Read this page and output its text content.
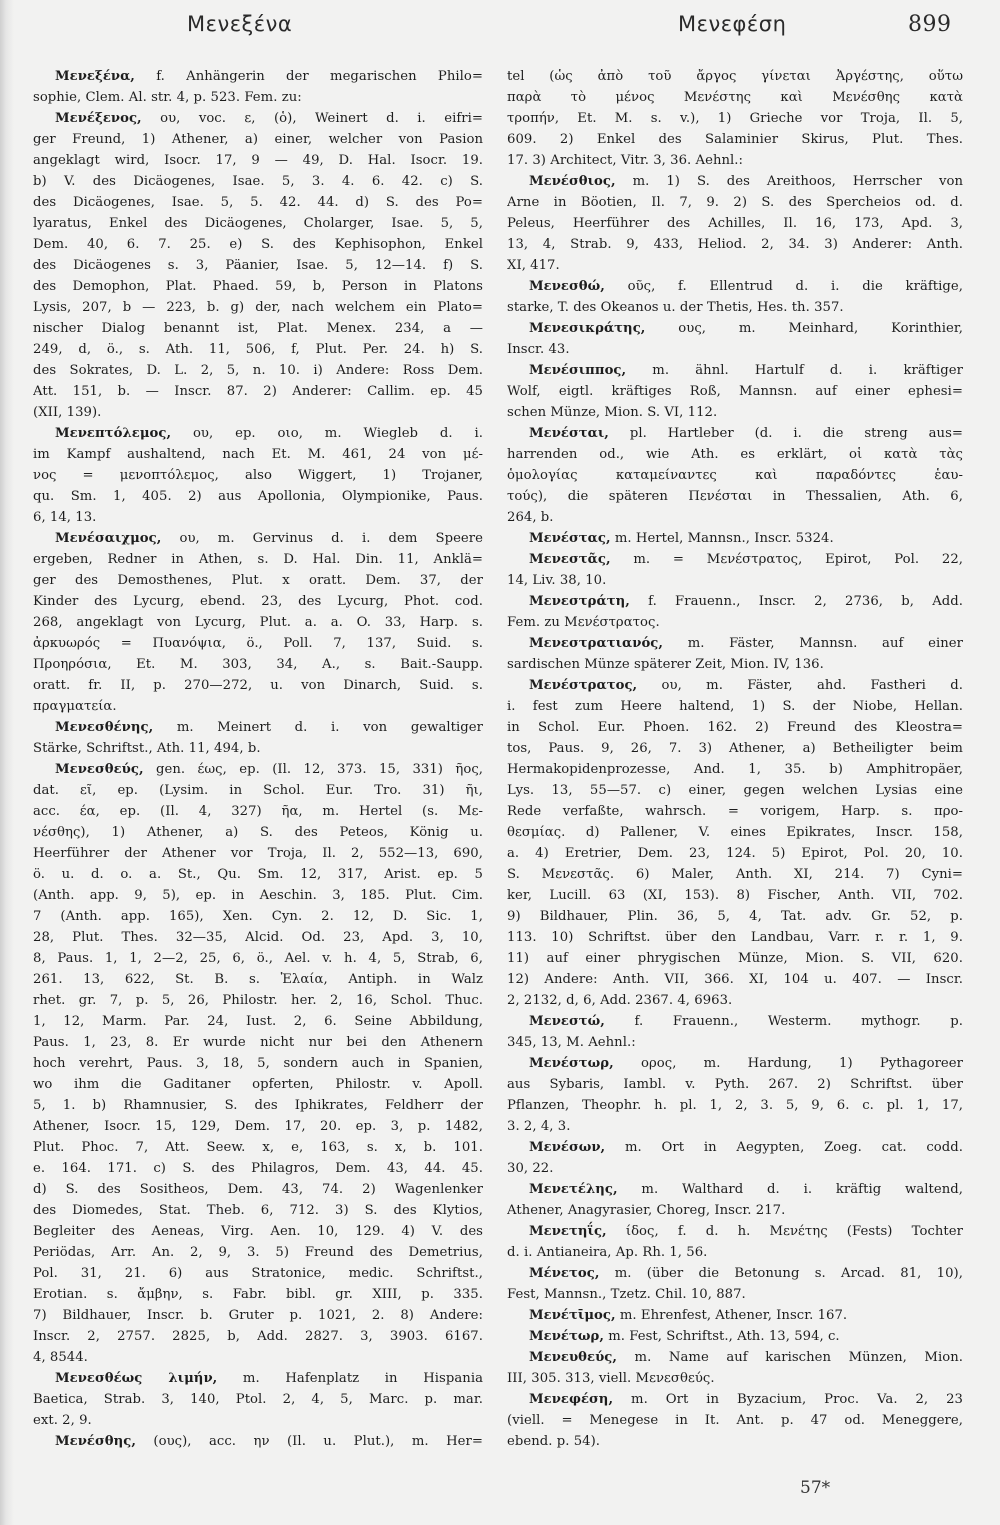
Μενεξένα	Μενεφέση	899
Μενεξένα, f. Anhängerin der megarischen Philo=
sophie, Clem. Al. str. 4, p. 523. Fem. zu:
Μενέξενος, ου, voc. ε, (ὁ), Weinert d. i. eifri=
ger Freund, 1) Athener, a) einer, welcher von Pasion
angeklagt wird, Isocr. 17, 9 — 49, D. Hal. Isocr. 19.
b) V. des Dicäogenes, Isae. 5, 3. 4. 6. 42. c) S.
des Dicäogenes, Isae. 5, 5. 42. 44. d) S. des Po=
lyaratus, Enkel des Dicäogenes, Cholarger, Isae. 5, 5,
Dem. 40, 6. 7. 25. e) S. des Kephisophon, Enkel
des Dicäogenes s. 3, Päanier, Isae. 5, 12—14. f) S.
des Demophon, Plat. Phaed. 59, b, Person in Platons
Lysis, 207, b — 223, b. g) der, nach welchem ein Plato=
nischer Dialog benannt ist, Plat. Menex. 234, a —
249, d, ö., s. Ath. 11, 506, f, Plut. Per. 24. h) S.
des Sokrates, D. L. 2, 5, n. 10. i) Andere: Ross Dem.
Att. 151, b. — Inscr. 87. 2) Anderer: Callim. ep. 45
(XII, 139).
Μενεπτόλεμος, ου, ep. οιο, m. Wiegleb d. i.
im Kampf aushaltend, nach Et. M. 461, 24 von μέ-
νος = μενοπτόλεμος, also Wiggert, 1) Trojaner,
qu. Sm. 1, 405. 2) aus Apollonia, Olympionike, Paus.
6, 14, 13.
Μενέσαιχμος, ου, m. Gervinus d. i. dem Speere
ergeben, Redner in Athen, s. D. Hal. Din. 11, Anklä=
ger des Demosthenes, Plut. x oratt. Dem. 37, der
Kinder des Lycurg, ebend. 23, des Lycurg, Phot. cod.
268, angeklagt von Lycurg, Plut. a. a. O. 33, Harp. s.
ἀρκυωρός = Πυανόψια, ö., Poll. 7, 137, Suid. s.
Προηρόσια, Et. M. 303, 34, A., s. Bait.-Saupp.
oratt. fr. II, p. 270—272, u. von Dinarch, Suid. s.
πραγματεία.
Μενεσθένης, m. Meinert d. i. von gewaltiger
Stärke, Schriftst., Ath. 11, 494, b.
Μενεσθεύς, gen. έως, ep. (Il. 12, 373. 15, 331) ῆος,
dat. εῖ, ep. (Lysim. in Schol. Eur. Tro. 31) ῆι,
acc. έα, ep. (Il. 4, 327) ῆα, m. Hertel (s. Με-
νέσθης), 1) Athener, a) S. des Peteos, König u.
Heerführer der Athener vor Troja, Il. 2, 552—13, 690,
ö. u. d. o. a. St., Qu. Sm. 12, 317, Arist. ep. 5
(Anth. app. 9, 5), ep. in Aeschin. 3, 185. Plut. Cim.
7 (Anth. app. 165), Xen. Cyn. 2. 12, D. Sic. 1,
28, Plut. Thes. 32—35, Alcid. Od. 23, Apd. 3, 10,
8, Paus. 1, 1, 2—2, 25, 6, ö., Ael. v. h. 4, 5, Strab, 6,
261. 13, 622, St. B. s. Ἐλαία, Antiph. in Walz
rhet. gr. 7, p. 5, 26, Philostr. her. 2, 16, Schol. Thuc.
1, 12, Marm. Par. 24, Iust. 2, 6. Seine Abbildung,
Paus. 1, 23, 8. Er wurde nicht nur bei den Athenern
hoch verehrt, Paus. 3, 18, 5, sondern auch in Spanien,
wo ihm die Gaditaner opferten, Philostr. v. Apoll.
5, 1. b) Rhamnusier, S. des Iphikrates, Feldherr der
Athener, Isocr. 15, 129, Dem. 17, 20. ep. 3, p. 1482,
Plut. Phoc. 7, Att. Seew. x, e, 163, s. x, b. 101.
e. 164. 171. c) S. des Philagros, Dem. 43, 44. 45.
d) S. des Sositheos, Dem. 43, 74. 2) Wagenlenker
des Diomedes, Stat. Theb. 6, 712. 3) S. des Klytios,
Begleiter des Aeneas, Virg. Aen. 10, 129. 4) V. des
Periödas, Arr. An. 2, 9, 3. 5) Freund des Demetrius,
Pol. 31, 21. 6) aus Stratonice, medic. Schriftst.,
Erotian. s. ἄμβην, s. Fabr. bibl. gr. XIII, p. 335.
7) Bildhauer, Inscr. b. Gruter p. 1021, 2. 8) Andere:
Inscr. 2, 2757. 2825, b, Add. 2827. 3, 3903. 6167.
4, 8544.
Μενεσθέως λιμήν, m. Hafenplatz in Hispania
Baetica, Strab. 3, 140, Ptol. 2, 4, 5, Marc. p. mar.
ext. 2, 9.
Μενέσθης, (ους), acc. ην (Il. u. Plut.), m. Her=
tel (ὡς ἀπὸ τοῦ ἄργος γίνεται Ἀργέστης, οὕτω
παρὰ τὸ μένος Μενέστης καὶ Μενέσθης κατὰ
τροπήν, Et. M. s. v.), 1) Grieche vor Troja, Il. 5,
609. 2) Enkel des Salaminier Skirus, Plut. Thes.
17. 3) Architect, Vitr. 3, 36. Aehnl.:
Μενέσθιος, m. 1) S. des Areithoos, Herrscher von
Arne in Böotien, Il. 7, 9. 2) S. des Spercheios od. d.
Peleus, Heerführer des Achilles, Il. 16, 173, Apd. 3,
13, 4, Strab. 9, 433, Heliod. 2, 34. 3) Anderer: Anth.
XI, 417.
Μενεσθώ, οῦς, f. Ellentrud d. i. die kräftige,
starke, T. des Okeanos u. der Thetis, Hes. th. 357.
Μενεσικράτης, ους, m. Meinhard, Korinthier,
Inscr. 43.
Μενέσιππος, m. ähnl. Hartulf d. i. kräftiger
Wolf, eigtl. kräftiges Roß, Mannsn. auf einer ephesi=
schen Münze, Mion. S. VI, 112.
Μενέσται, pl. Hartleber (d. i. die streng aus=
harrenden od., wie Ath. es erklärt, οἱ κατὰ τὰς
ὁμολογίας καταμείναντες καὶ παραδόντες ἑαυ-
τούς), die späteren Πενέσται in Thessalien, Ath. 6,
264, b.
Μενέστας, m. Hertel, Mannsn., Inscr. 5324.
Μενεστᾶς, m. = Μενέστρατος, Epirot, Pol. 22,
14, Liv. 38, 10.
Μενεστράτη, f. Frauenn., Inscr. 2, 2736, b, Add.
Fem. zu Μενέστρατος.
Μενεστρατιανός, m. Fäster, Mannsn. auf einer
sardischen Münze späterer Zeit, Mion. IV, 136.
Μενέστρατος, ου, m. Fäster, ahd. Fastheri d.
i. fest zum Heere haltend, 1) S. der Niobe, Hellan.
in Schol. Eur. Phoen. 162. 2) Freund des Kleostra=
tos, Paus. 9, 26, 7. 3) Athener, a) Betheiligter beim
Hermakopidenprozesse, And. 1, 35. b) Amphitropäer,
Lys. 13, 55—57. c) einer, gegen welchen Lysias eine
Rede verfaßte, wahrsch. = vorigem, Harp. s. προ-
θεσμίας. d) Pallener, V. eines Epikrates, Inscr. 158,
a. 4) Eretrier, Dem. 23, 124. 5) Epirot, Pol. 20, 10.
S. Μενεστᾶς. 6) Maler, Anth. XI, 214. 7) Cyni=
ker, Lucill. 63 (XI, 153). 8) Fischer, Anth. VII, 702.
9) Bildhauer, Plin. 36, 5, 4, Tat. adv. Gr. 52, p.
113. 10) Schriftst. über den Landbau, Varr. r. r. 1, 9.
11) auf einer phrygischen Münze, Mion. S. VII, 620.
12) Andere: Anth. VII, 366. XI, 104 u. 407. — Inscr.
2, 2132, d, 6, Add. 2367. 4, 6963.
Μενεστώ, f. Frauenn., Westerm. mythogr. p.
345, 13, M. Aehnl.:
Μενέστωρ, ορος, m. Hardung, 1) Pythagoreer
aus Sybaris, Iambl. v. Pyth. 267. 2) Schriftst. über
Pflanzen, Theophr. h. pl. 1, 2, 3. 5, 9, 6. c. pl. 1, 17,
3. 2, 4, 3.
Μενέσων, m. Ort in Aegypten, Zoeg. cat. codd.
30, 22.
Μενετέλης, m. Walthard d. i. kräftig waltend,
Athener, Anagyrasier, Choreg, Inscr. 217.
Μενετηΐς, ίδος, f. d. h. Μενέτης (Fests) Tochter
d. i. Antianeira, Ap. Rh. 1, 56.
Μένετος, m. (über die Betonung s. Arcad. 81, 10),
Fest, Mannsn., Tzetz. Chil. 10, 887.
Μενέτῑμος, m. Ehrenfest, Athener, Inscr. 167.
Μενέτωρ, m. Fest, Schriftst., Ath. 13, 594, c.
Μενευθεύς, m. Name auf karischen Münzen, Mion.
III, 305. 313, viell. Μενεσθεύς.
Μενεφέση, m. Ort in Byzacium, Proc. Va. 2, 23
(viell. = Menegese in It. Ant. p. 47 od. Meneggere,
ebend. p. 54).
57*
